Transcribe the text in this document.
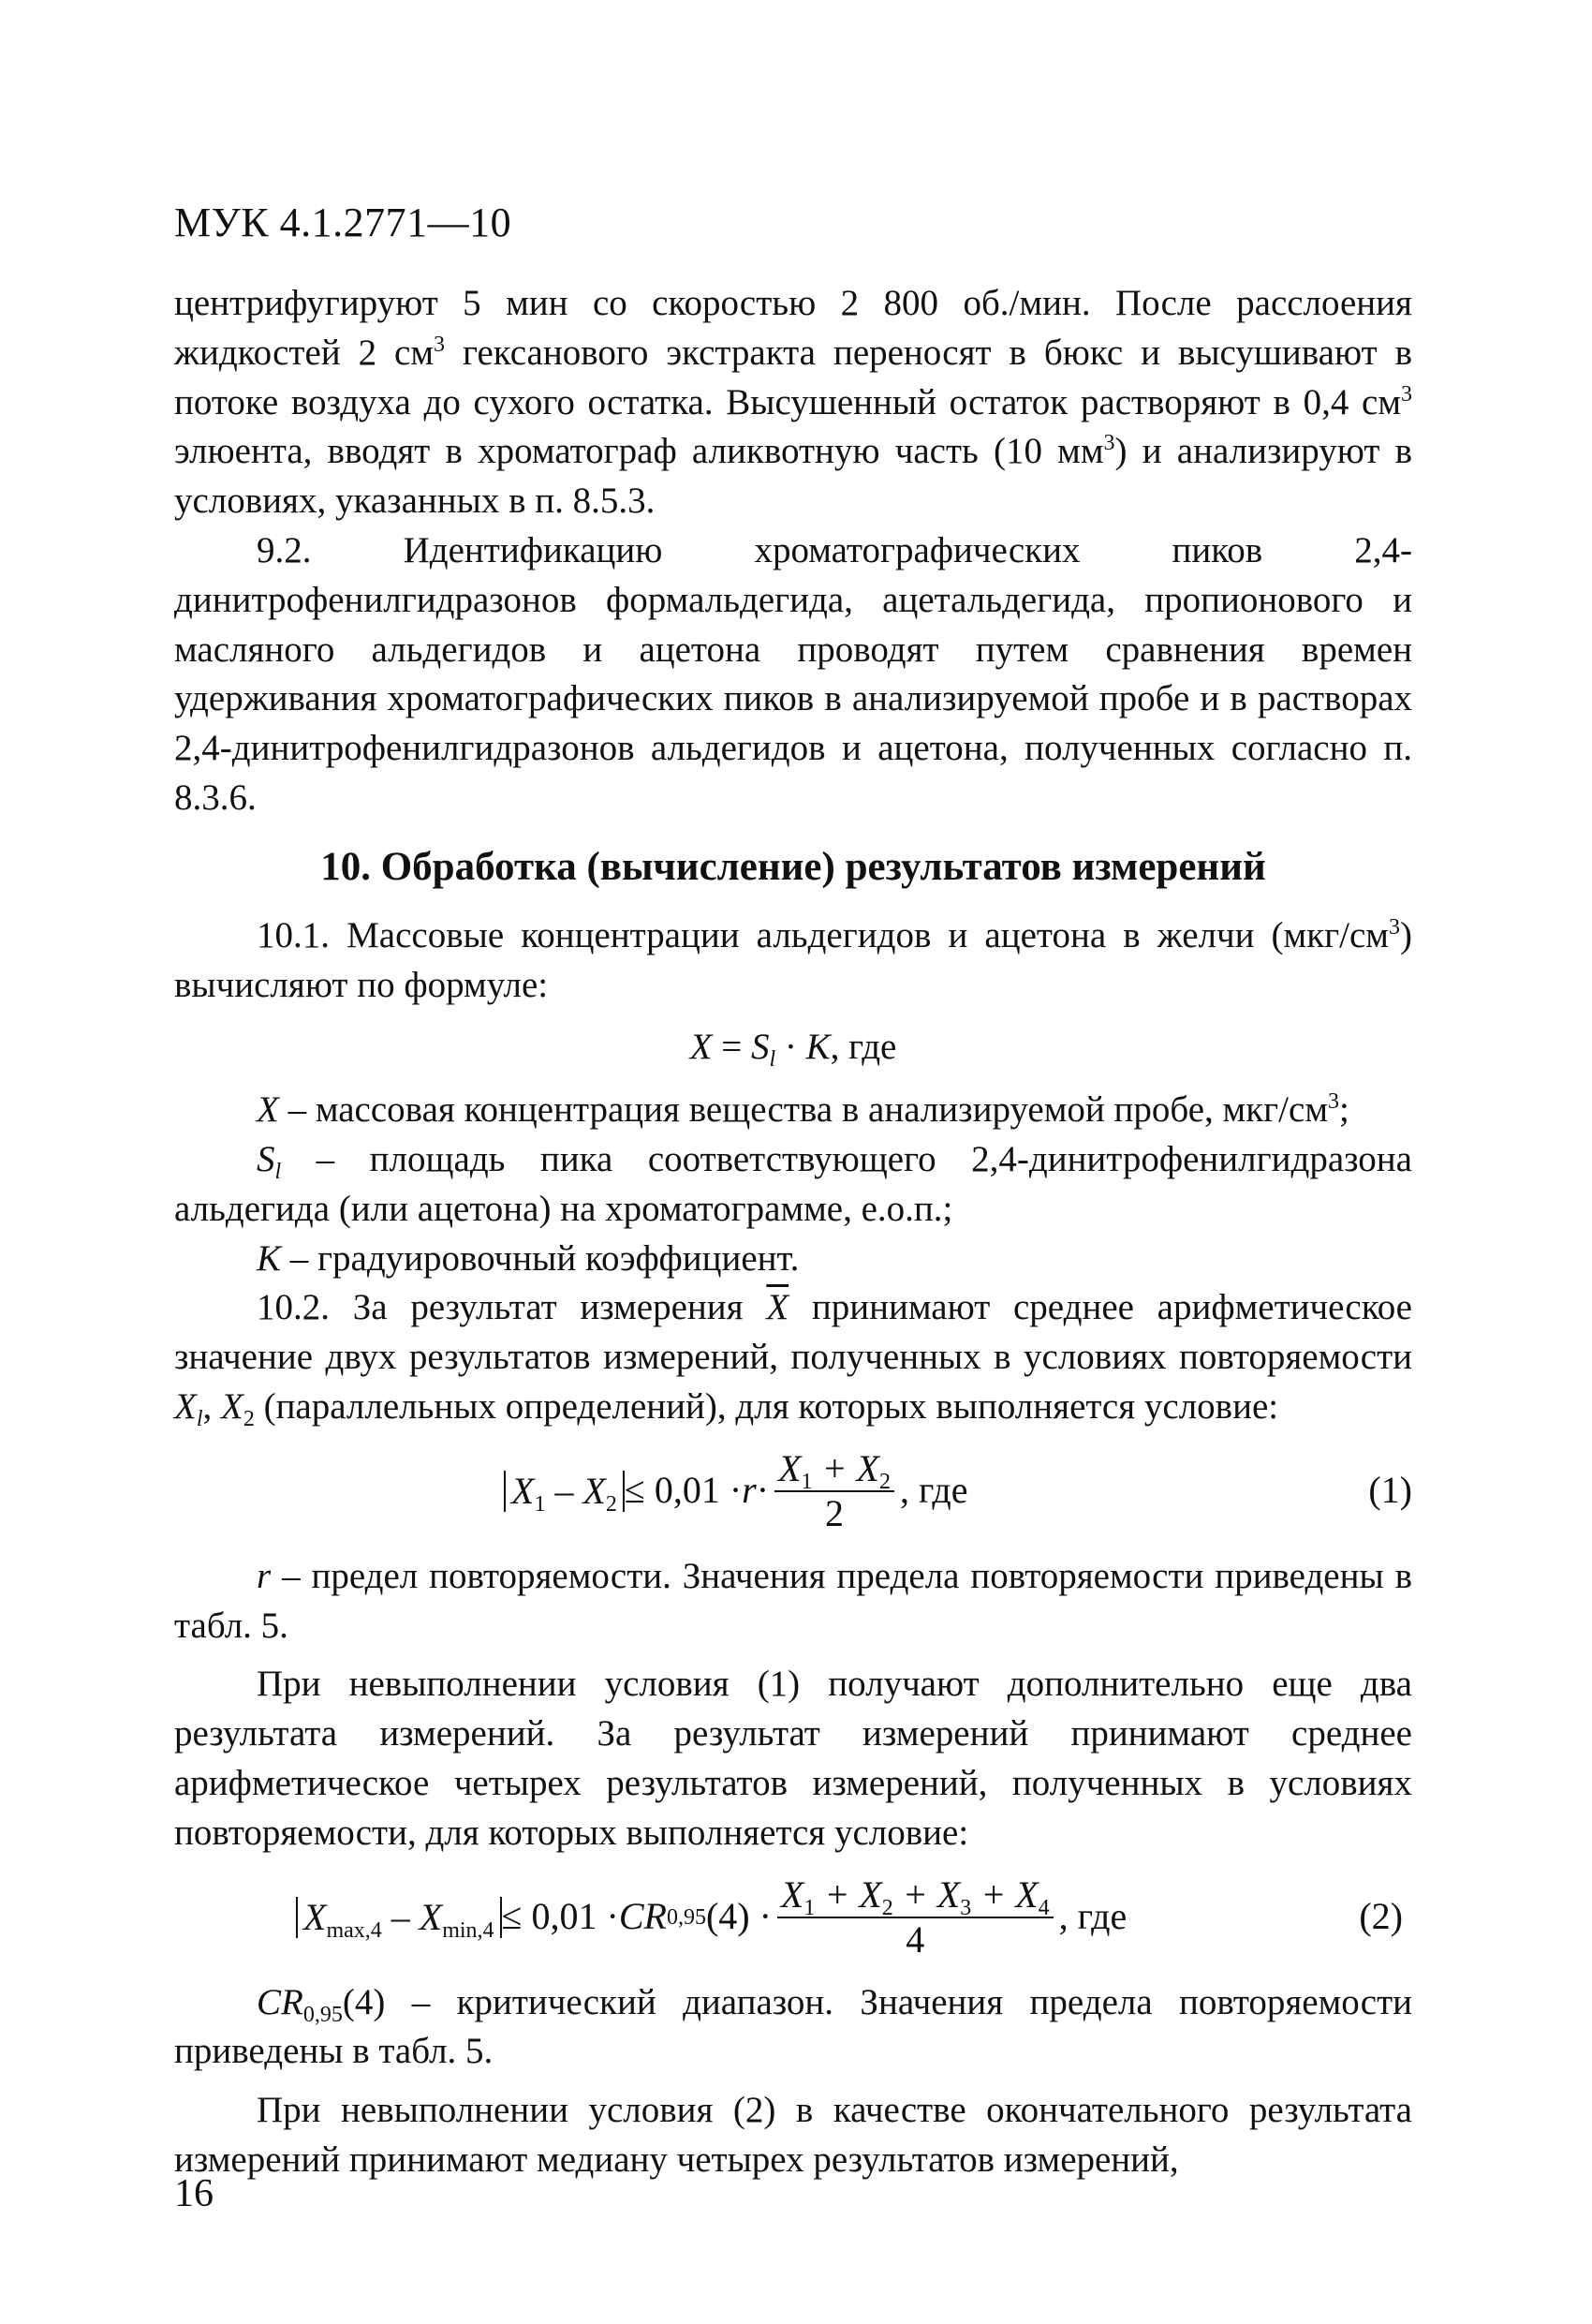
МУК 4.1.2771—10

центрифугируют 5 мин со скоростью 2 800 об./мин. После расслоения жидкостей 2 $см^3$ гексанового экстракта переносят в бюкс и высушивают в потоке воздуха до сухого остатка. Высушенный остаток растворяют в 0,4 $см^3$ элюента, вводят в хроматограф аликвотную часть (10 $мм^3$) и анализируют в условиях, указанных в п. 8.5.3.

9.2. Идентификацию хроматографических пиков 2,4-динитрофенилгидразонов формальдегида, ацетальдегида, пропионового и масляного альдегидов и ацетона проводят путем сравнения времен удерживания хроматографических пиков в анализируемой пробе и в растворах 2,4-динитрофенилгидразонов альдегидов и ацетона, полученных согласно п. 8.3.6.

10. Обработка (вычисление) результатов измерений

10.1. Массовые концентрации альдегидов и ацетона в желчи $(мкг/см^3)$ вычисляют по формуле:

$X = S_l \cdot K$, где

X – массовая концентрация вещества в анализируемой пробе, мкг/$см^3$;

$S_l$ – площадь пика соответствующего 2,4-динитрофенилгидразона альдегида (или ацетона) на хроматограмме, е.о.п.;

K – градуировочный коэффициент.

10.2. За результат измерения $\overline{X}$ принимают среднее арифметическое значение двух результатов измерений, полученных в условиях повторяемости $X_l$, $X_2$ (параллельных определений), для которых выполняется условие:

$X_1 - X_2 \le 0,01 \cdot r \cdot \frac{X_1 + X_2}{2}$ , где	(1)

r – предел повторяемости. Значения предела повторяемости приведены в табл. 5.

При невыполнении условия (1) получают дополнительно еще два результата измерений. За результат измерений принимают среднее арифметическое четырех результатов измерений, полученных в условиях повторяемости, для которых выполняется условие:

$X_{max,4} - X_{min,4} \le 0,01$ · CR 0,95 $(4) \cdot \frac{X_1 + X_2 + X_3 + X_4}{4}$ , где	(2)

$CR_{0,95}(4)$ – критический диапазон. Значения предела повторяемости приведены в табл. 5.

При невыполнении условия (2) в качестве окончательного результата измерений принимают медиану четырех результатов измерений,

16
